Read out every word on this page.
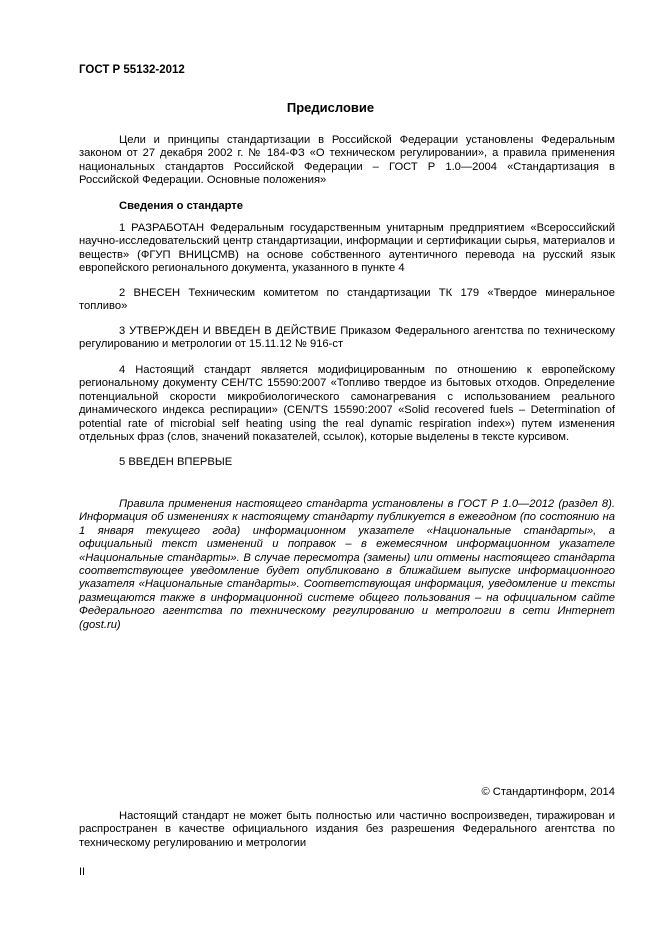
ГОСТ Р 55132-2012
Предисловие

Цели и принципы стандартизации в Российской Федерации установлены Федеральным законом от 27 декабря 2002 г. № 184-ФЗ «О техническом регулировании», а правила применения национальных стандартов Российской Федерации – ГОСТ Р 1.0—2004 «Стандартизация в Российской Федерации. Основные положения»

Сведения о стандарте

1 РАЗРАБОТАН Федеральным государственным унитарным предприятием «Всероссийский научно-исследовательский центр стандартизации, информации и сертификации сырья, материалов и веществ» (ФГУП ВНИЦСМВ) на основе собственного аутентичного перевода на русский язык европейского регионального документа, указанного в пункте 4

2 ВНЕСЕН Техническим комитетом по стандартизации ТК 179 «Твердое минеральное топливо»

3 УТВЕРЖДЕН И ВВЕДЕН В ДЕЙСТВИЕ Приказом Федерального агентства по техническому регулированию и метрологии от 15.11.12 № 916-ст

4 Настоящий стандарт является модифицированным по отношению к европейскому региональному документу СЕН/ТС 15590:2007 «Топливо твердое из бытовых отходов. Определение потенциальной скорости микробиологического самонагревания с использованием реального динамического индекса респирации» (CEN/TS 15590:2007 «Solid recovered fuels – Determination of potential rate of microbial self heating using the real dynamic respiration index») путем изменения отдельных фраз (слов, значений показателей, ссылок), которые выделены в тексте курсивом.

5 ВВЕДЕН ВПЕРВЫЕ

Правила применения настоящего стандарта установлены в ГОСТ Р 1.0—2012 (раздел 8). Информация об изменениях к настоящему стандарту публикуется в ежегодном (по состоянию на 1 января текущего года) информационном указателе «Национальные стандарты», а официальный текст изменений и поправок – в ежемесячном информационном указателе «Национальные стандарты». В случае пересмотра (замены) или отмены настоящего стандарта соответствующее уведомление будет опубликовано в ближайшем выпуске информационного указателя «Национальные стандарты». Соответствующая информация, уведомление и тексты размещаются также в информационной системе общего пользования – на официальном сайте Федерального агентства по техническому регулированию и метрологии в сети Интернет (gost.ru)

© Стандартинформ, 2014

Настоящий стандарт не может быть полностью или частично воспроизведен, тиражирован и распространен в качестве официального издания без разрешения Федерального агентства по техническому регулированию и метрологии

II
